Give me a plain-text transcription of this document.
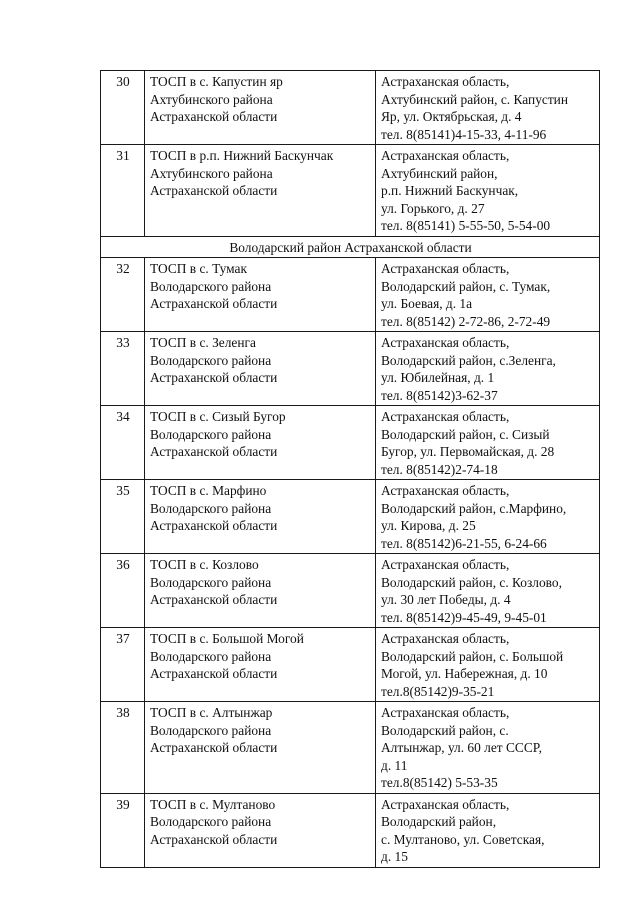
30	ТОСП в с. Капустин яр
Ахтубинского района
Астраханской области	Астраханская область,
Ахтубинский район, с. Капустин
Яр, ул. Октябрьская, д. 4
тел. 8(85141)4-15-33, 4-11-96

31	ТОСП в р.п. Нижний Баскунчак
Ахтубинского района
Астраханской области	Астраханская область,
Ахтубинский район,
р.п. Нижний Баскунчак,
ул. Горького, д. 27
тел. 8(85141) 5-55-50, 5-54-00

Володарский район Астраханской области		
32	ТОСП в с. Тумак
Володарского района
Астраханской области	Астраханская область,
Володарский район, с. Тумак,
ул. Боевая, д. 1а
тел. 8(85142) 2-72-86, 2-72-49

33	ТОСП в с. Зеленга
Володарского района
Астраханской области	Астраханская область,
Володарский район, с.Зеленга,
ул. Юбилейная, д. 1
тел. 8(85142)3-62-37

34	ТОСП в с. Сизый Бугор
Володарского района
Астраханской области	Астраханская область,
Володарский район, с. Сизый
Бугор, ул. Первомайская, д. 28
тел. 8(85142)2-74-18

35	ТОСП в с. Марфино
Володарского района
Астраханской области	Астраханская область,
Володарский район, с.Марфино,
ул. Кирова, д. 25
тел. 8(85142)6-21-55, 6-24-66

36	ТОСП в с. Козлово
Володарского района
Астраханской области	Астраханская область,
Володарский район, с. Козлово,
ул. 30 лет Победы, д. 4
тел. 8(85142)9-45-49, 9-45-01

37	ТОСП в с. Большой Могой
Володарского района
Астраханской области	Астраханская область,
Володарский район, с. Большой
Могой, ул. Набережная, д. 10
тел.8(85142)9-35-21

38	ТОСП в с. Алтынжар
Володарского района
Астраханской области	Астраханская область,
Володарский район, с.
Алтынжар, ул. 60 лет СССР,
д. 11
тел.8(85142) 5-53-35

39	ТОСП в с. Мултаново
Володарского района
Астраханской области	Астраханская область,
Володарский район,
с. Мултаново, ул. Советская,
д. 15
